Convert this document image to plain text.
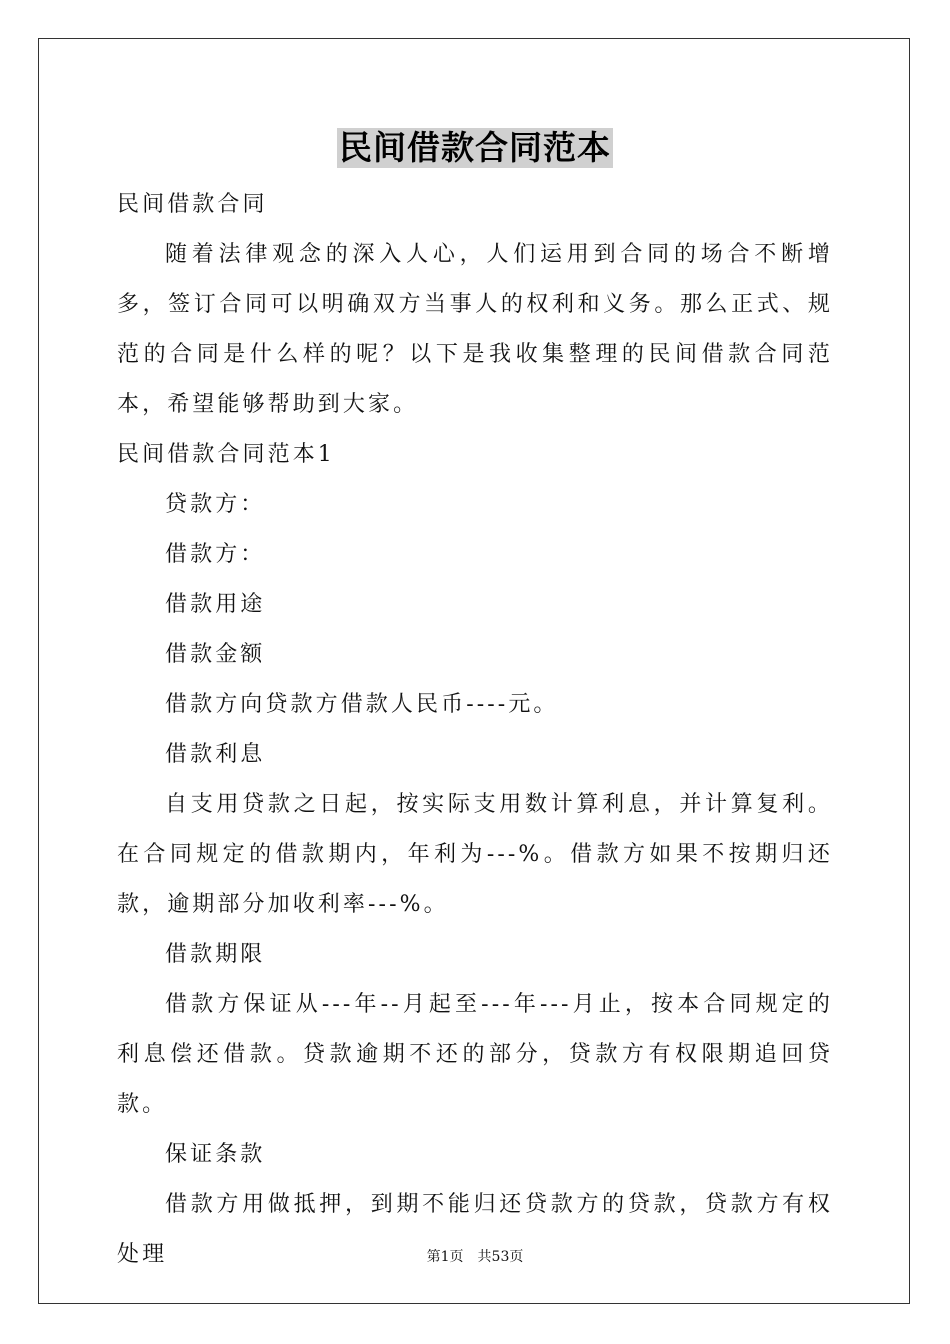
民间借款合同范本

民间借款合同

随着法律观念的深入人心，人们运用到合同的场合不断增多，签订合同可以明确双方当事人的权利和义务。那么正式、规范的合同是什么样的呢？以下是我收集整理的民间借款合同范本，希望能够帮助到大家。

民间借款合同范本1

贷款方：

借款方：

借款用途

借款金额

借款方向贷款方借款人民币----元。

借款利息

自支用贷款之日起，按实际支用数计算利息，并计算复利。在合同规定的借款期内，年利为---%。借款方如果不按期归还款，逾期部分加收利率---%。

借款期限

借款方保证从---年--月起至---年---月止，按本合同规定的利息偿还借款。贷款逾期不还的部分，贷款方有权限期追回贷款。

保证条款

借款方用做抵押，到期不能归还贷款方的贷款，贷款方有权处理	第1页　共53页
